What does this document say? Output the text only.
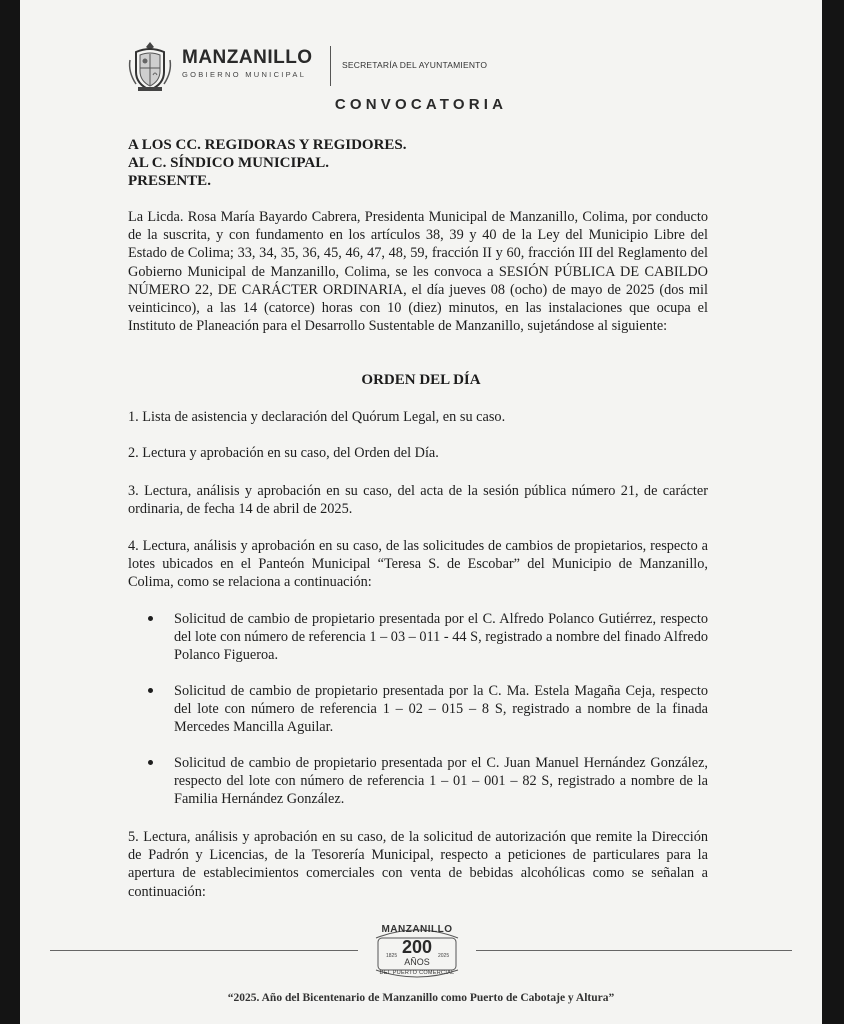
MANZANILLO
GOBIERNO MUNICIPAL
SECRETARÍA DEL AYUNTAMIENTO
CONVOCATORIA
A LOS CC. REGIDORAS Y REGIDORES.
AL C. SÍNDICO MUNICIPAL.
PRESENTE.
La Licda. Rosa María Bayardo Cabrera, Presidenta Municipal de Manzanillo, Colima, por conducto de la suscrita, y con fundamento en los artículos 38, 39 y 40 de la Ley del Municipio Libre del Estado de Colima; 33, 34, 35, 36, 45, 46, 47, 48, 59, fracción II y 60, fracción III del Reglamento del Gobierno Municipal de Manzanillo, Colima, se les convoca a SESIÓN PÚBLICA DE CABILDO NÚMERO 22, DE CARÁCTER ORDINARIA, el día jueves 08 (ocho) de mayo de 2025 (dos mil veinticinco), a las 14 (catorce) horas con 10 (diez) minutos, en las instalaciones que ocupa el Instituto de Planeación para el Desarrollo Sustentable de Manzanillo, sujetándose al siguiente:
ORDEN DEL DÍA
1. Lista de asistencia y declaración del Quórum Legal, en su caso.
2. Lectura y aprobación en su caso, del Orden del Día.
3. Lectura, análisis y aprobación en su caso, del acta de la sesión pública número 21, de carácter ordinaria, de fecha 14 de abril de 2025.
4. Lectura, análisis y aprobación en su caso, de las solicitudes de cambios de propietarios, respecto a lotes ubicados en el Panteón Municipal “Teresa S. de Escobar” del Municipio de Manzanillo, Colima, como se relaciona a continuación:
Solicitud de cambio de propietario presentada por el C. Alfredo Polanco Gutiérrez, respecto del lote con número de referencia 1 – 03 – 011 - 44 S, registrado a nombre del finado Alfredo Polanco Figueroa.
Solicitud de cambio de propietario presentada por la C. Ma. Estela Magaña Ceja, respecto del lote con número de referencia 1 – 02 – 015 – 8 S, registrado a nombre de la finada Mercedes Mancilla Aguilar.
Solicitud de cambio de propietario presentada por el C. Juan Manuel Hernández González, respecto del lote con número de referencia 1 – 01 – 001 – 82 S, registrado a nombre de la Familia Hernández González.
5. Lectura, análisis y aprobación en su caso, de la solicitud de autorización que remite la Dirección de Padrón y Licencias, de la Tesorería Municipal, respecto a peticiones de particulares para la apertura de establecimientos comerciales con venta de bebidas alcohólicas como se señalan a continuación:
MANZANILLO
200
1825	2025
AÑOS
DEL PUERTO COMERCIAL
“2025. Año del Bicentenario de Manzanillo como Puerto de Cabotaje y Altura”
